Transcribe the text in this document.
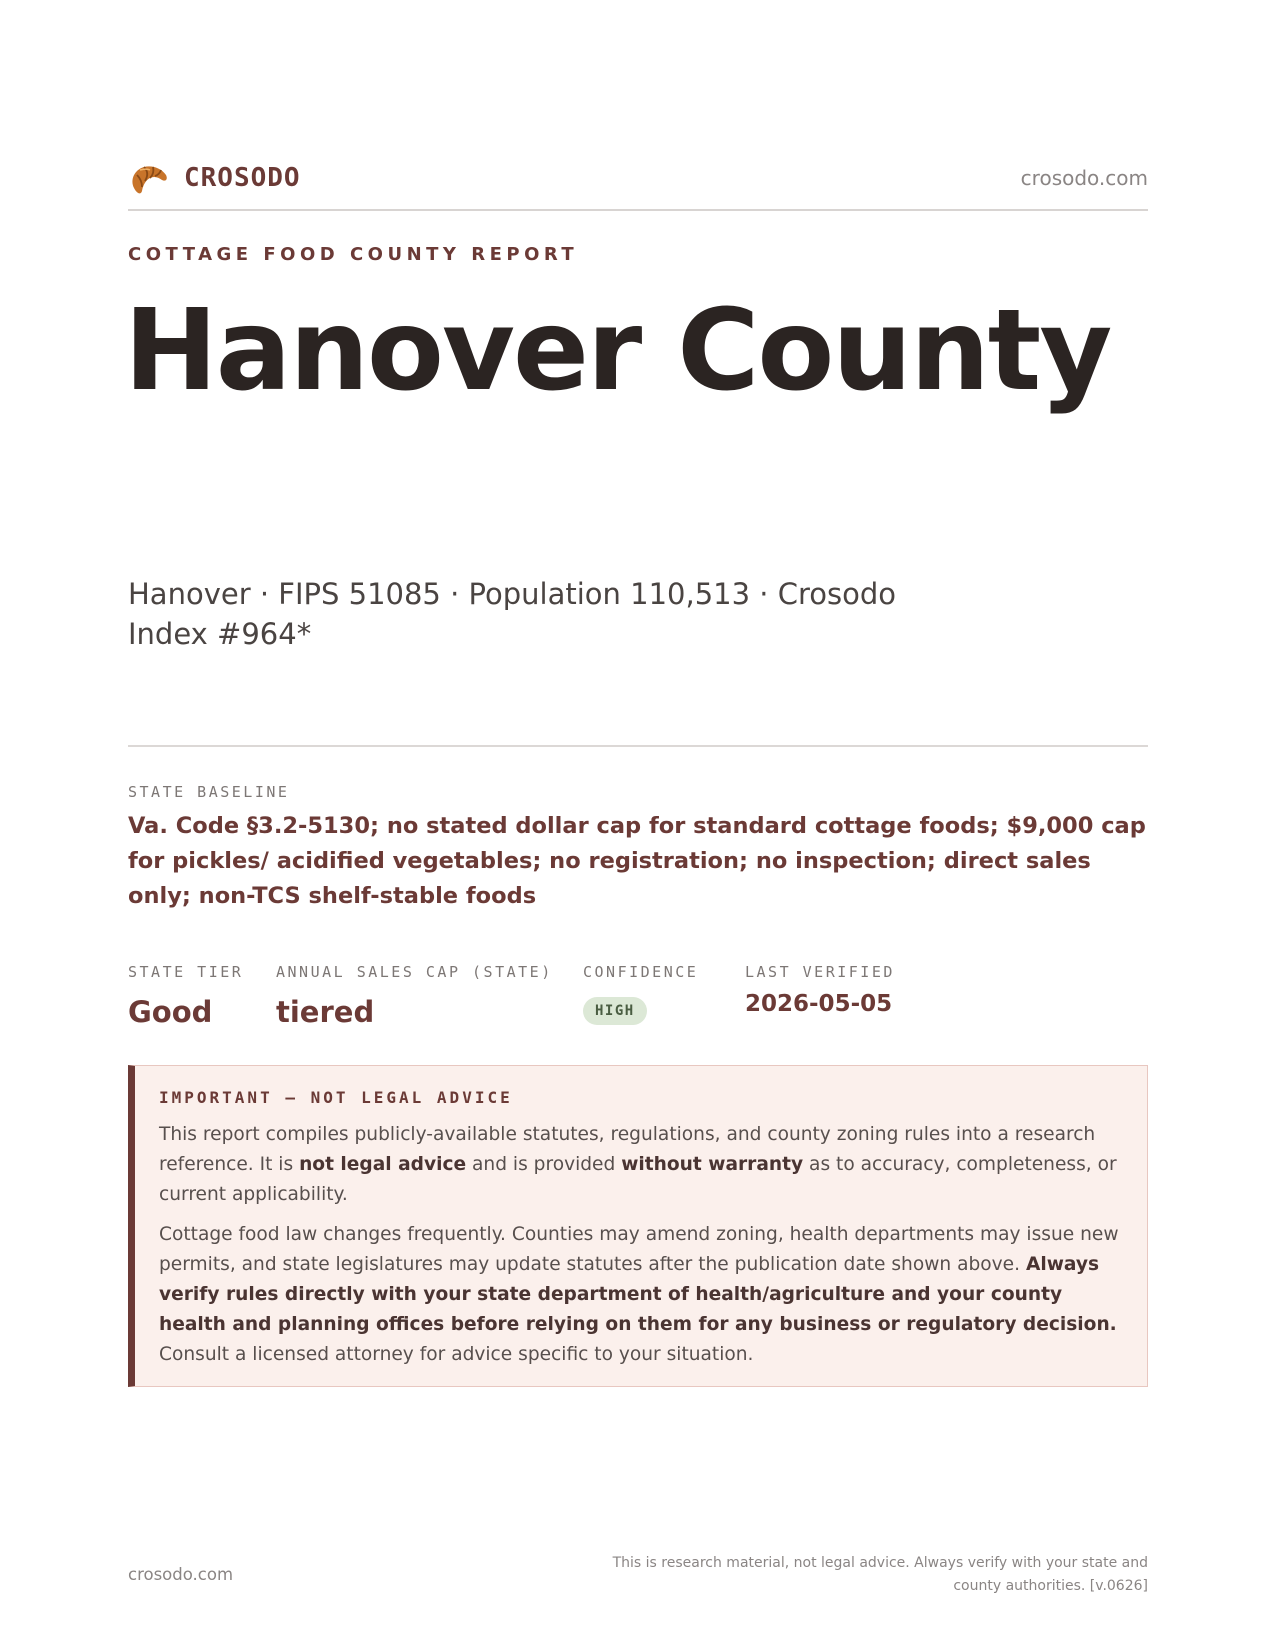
CROSODO	crosodo.com
COTTAGE FOOD COUNTY REPORT
Hanover County
Hanover · FIPS 51085 · Population 110,513 · Crosodo Index #964*
STATE BASELINE
Va. Code §3.2-5130; no stated dollar cap for standard cottage foods; $9,000 cap for pickles/ acidified vegetables; no registration; no inspection; direct sales only; non-TCS shelf-stable foods
STATE TIER
Good
ANNUAL SALES CAP (STATE)
tiered
CONFIDENCE
HIGH
LAST VERIFIED
2026-05-05
IMPORTANT — NOT LEGAL ADVICE

This report compiles publicly-available statutes, regulations, and county zoning rules into a research reference. It is not legal advice and is provided without warranty as to accuracy, completeness, or current applicability.

Cottage food law changes frequently. Counties may amend zoning, health departments may issue new permits, and state legislatures may update statutes after the publication date shown above. Always verify rules directly with your state department of health/agriculture and your county health and planning offices before relying on them for any business or regulatory decision. Consult a licensed attorney for advice specific to your situation.

crosodo.com
This is research material, not legal advice. Always verify with your state and county authorities. [v.0626]
